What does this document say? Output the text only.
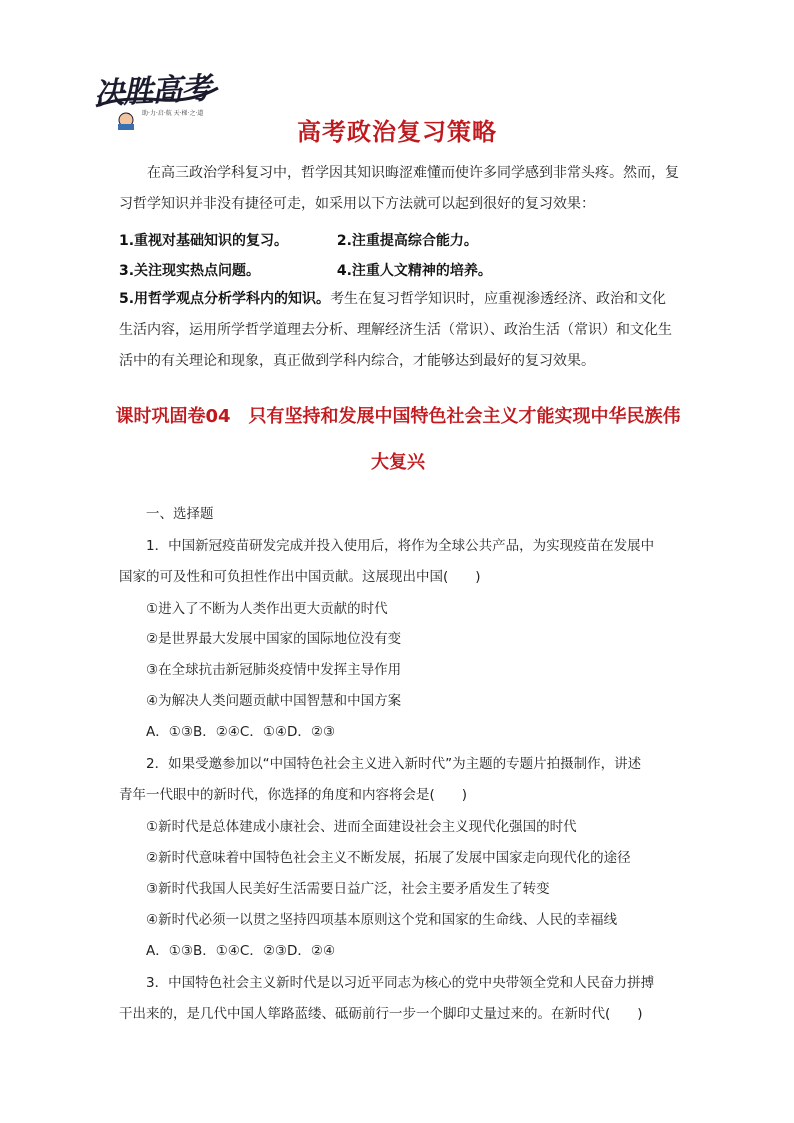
决胜高考
助·力·启·航 天·梯·之·道
高考政治复习策略
在高三政治学科复习中，哲学因其知识晦涩难懂而使许多同学感到非常头疼。然而，复习哲学知识并非没有捷径可走，如采用以下方法就可以起到很好的复习效果：
1.重视对基础知识的复习。	2.注重提高综合能力。
3.关注现实热点问题。	4.注重人文精神的培养。
5.用哲学观点分析学科内的知识。考生在复习哲学知识时，应重视渗透经济、政治和文化生活内容，运用所学哲学道理去分析、理解经济生活（常识）、政治生活（常识）和文化生活中的有关理论和现象，真正做到学科内综合，才能够达到最好的复习效果。
课时巩固卷04　只有坚持和发展中国特色社会主义才能实现中华民族伟大复兴
一、选择题
1．中国新冠疫苗研发完成并投入使用后，将作为全球公共产品，为实现疫苗在发展中
国家的可及性和可负担性作出中国贡献。这展现出中国(　　)
①进入了不断为人类作出更大贡献的时代
②是世界最大发展中国家的国际地位没有变
③在全球抗击新冠肺炎疫情中发挥主导作用
④为解决人类问题贡献中国智慧和中国方案
A．①③B．②④C．①④D．②③
2．如果受邀参加以“中国特色社会主义进入新时代”为主题的专题片拍摄制作，讲述
青年一代眼中的新时代，你选择的角度和内容将会是(　　)
①新时代是总体建成小康社会、进而全面建设社会主义现代化强国的时代
②新时代意味着中国特色社会主义不断发展，拓展了发展中国家走向现代化的途径
③新时代我国人民美好生活需要日益广泛，社会主要矛盾发生了转变
④新时代必须一以贯之坚持四项基本原则这个党和国家的生命线、人民的幸福线
A．①③B．①④C．②③D．②④
3．中国特色社会主义新时代是以习近平同志为核心的党中央带领全党和人民奋力拼搏
干出来的，是几代中国人筚路蓝缕、砥砺前行一步一个脚印丈量过来的。在新时代(　　)
